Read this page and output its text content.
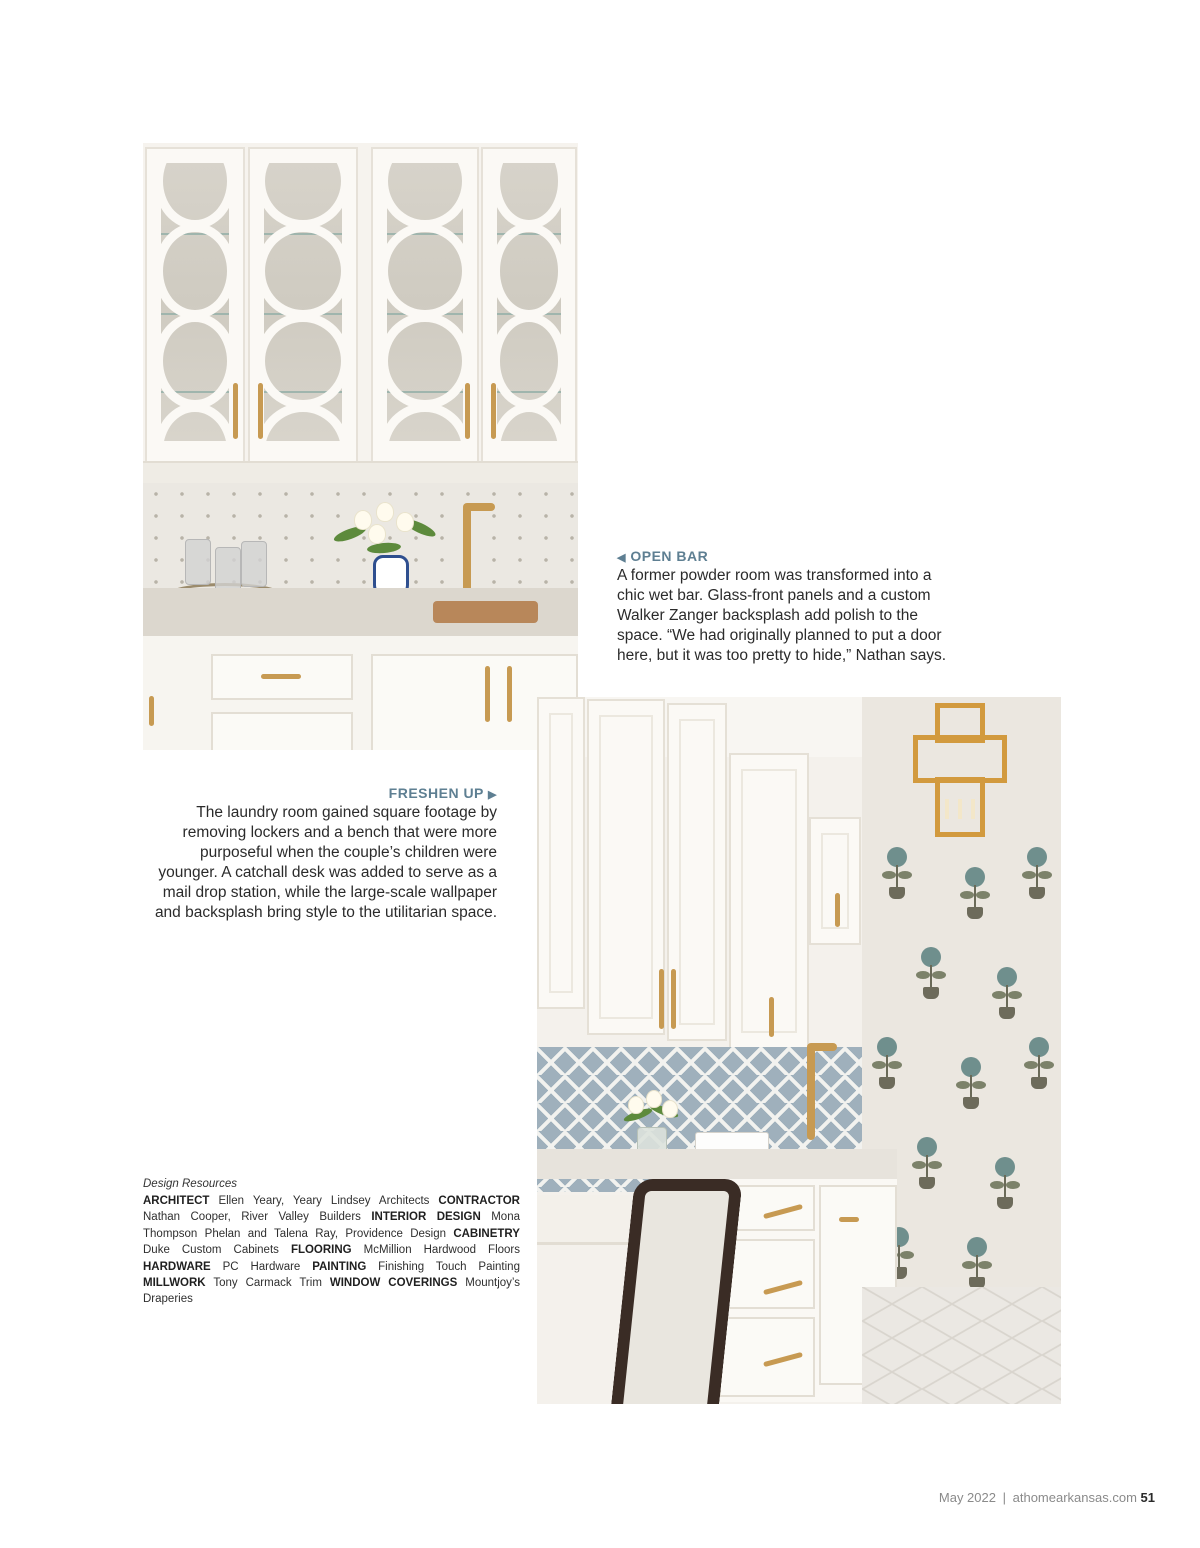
◀ OPEN BAR

A former powder room was transformed into a chic wet bar. Glass-front panels and a custom Walker Zanger backsplash add polish to the space. “We had originally planned to put a door here, but it was too pretty to hide,” Nathan says.

FRESHEN UP ▶

The laundry room gained square footage by removing lockers and a bench that were more purposeful when the couple’s children were younger. A catchall desk was added to serve as a mail drop station, while the large-scale wallpaper and backsplash bring style to the utilitarian space.

Design Resources

ARCHITECT Ellen Yeary, Yeary Lindsey Architects CONTRACTOR Nathan Cooper, River Valley Builders INTERIOR DESIGN Mona Thompson Phelan and Talena Ray, Providence Design CABINETRY Duke Custom Cabinets FLOORING McMillion Hardwood Floors HARDWARE PC Hardware PAINTING Finishing Touch Painting MILLWORK Tony Carmack Trim WINDOW COVERINGS Mountjoy’s Draperies

May 2022 | athomearkansas.com 51
